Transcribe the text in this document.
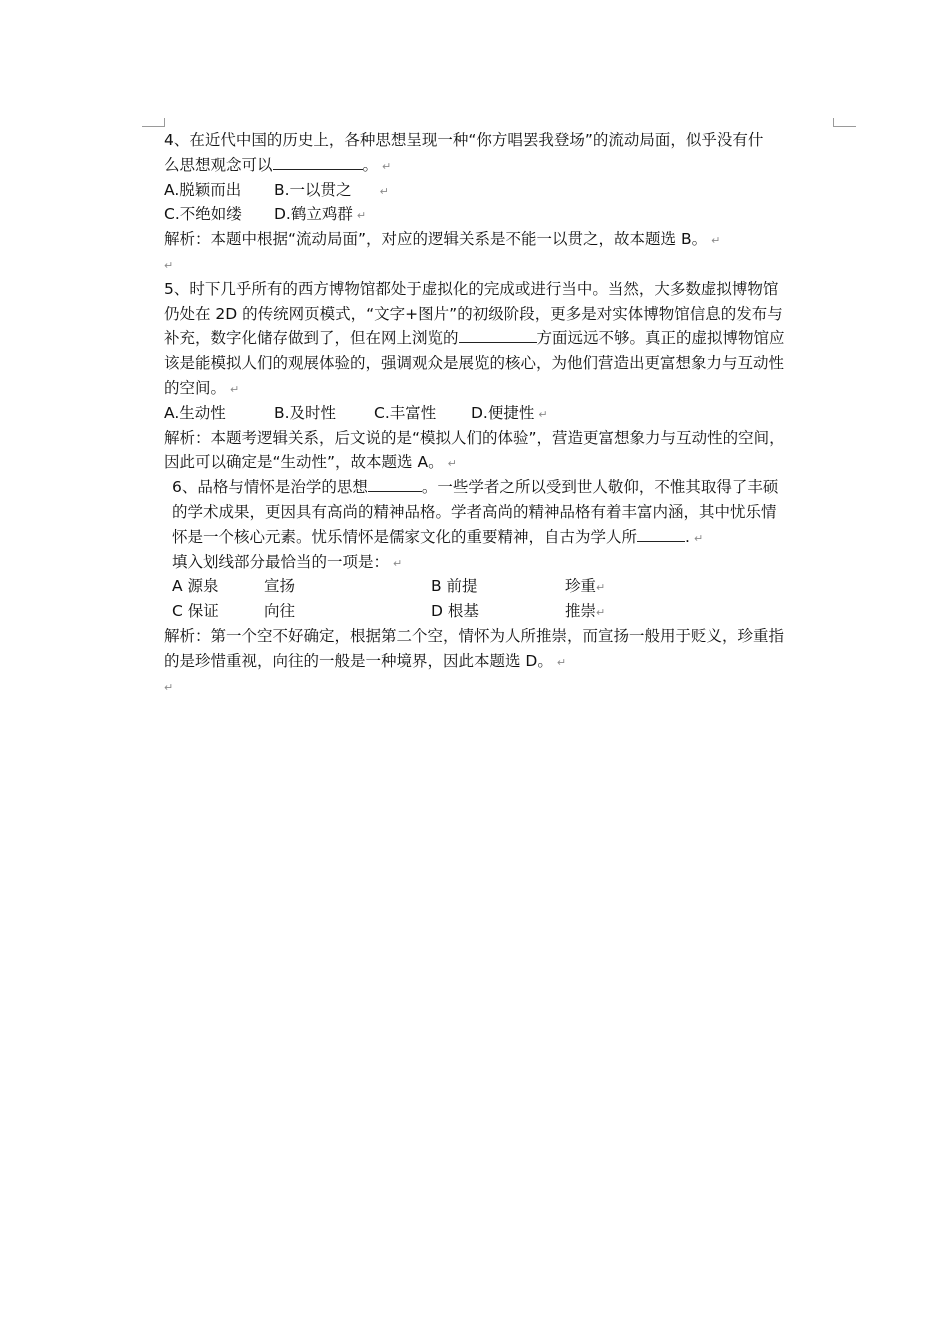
4、在近代中国的历史上，各种思想呈现一种“你方唱罢我登场”的流动局面，似乎没有什
么思想观念可以	。 ↵
A.脱颖而出 B.一以贯之	↵
C.不绝如缕 D.鹤立鸡群 ↵
解析：本题中根据“流动局面”，对应的逻辑关系是不能一以贯之，故本题选 B。 ↵
↵
5、时下几乎所有的西方博物馆都处于虚拟化的完成或进行当中。当然，大多数虚拟博物馆
仍处在 2D 的传统网页模式，“文字+图片”的初级阶段，更多是对实体博物馆信息的发布与
补充，数字化储存做到了，但在网上浏览的	方面远远不够。真正的虚拟博物馆应
该是能模拟人们的观展体验的，强调观众是展览的核心，为他们营造出更富想象力与互动性
的空间。 ↵
A.生动性	B.及时性 C.丰富性 D.便捷性 ↵
解析：本题考逻辑关系，后文说的是“模拟人们的体验”，营造更富想象力与互动性的空间，
因此可以确定是“生动性”，故本题选 A。 ↵
6、品格与情怀是治学的思想	。一些学者之所以受到世人敬仰，不惟其取得了丰硕
的学术成果，更因具有高尚的精神品格。学者高尚的精神品格有着丰富内涵，其中忧乐情
怀是一个核心元素。忧乐情怀是儒家文化的重要精神，自古为学人所	. ↵
填入划线部分最恰当的一项是： ↵
A 源泉	宣扬	B 前提	珍重↵
C 保证	向往	D 根基	推崇↵
解析：第一个空不好确定，根据第二个空，情怀为人所推崇，而宣扬一般用于贬义，珍重指
的是珍惜重视，向往的一般是一种境界，因此本题选 D。 ↵
↵
